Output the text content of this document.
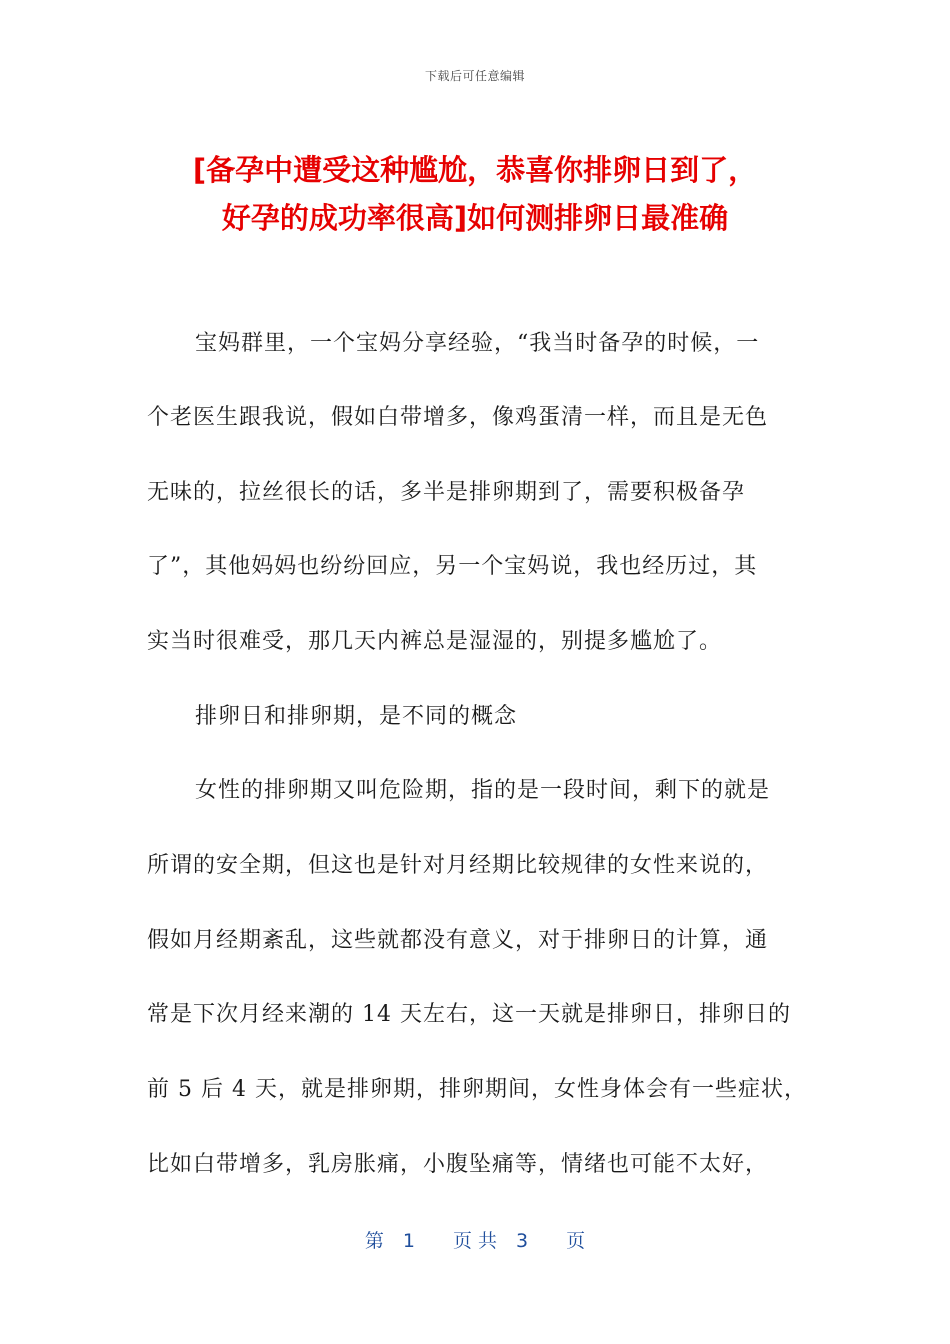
下载后可任意编辑
[备孕中遭受这种尴尬，恭喜你排卵日到了，
好孕的成功率很高]如何测排卵日最准确
宝妈群里，一个宝妈分享经验，“我当时备孕的时候，一
个老医生跟我说，假如白带增多，像鸡蛋清一样，而且是无色
无味的，拉丝很长的话，多半是排卵期到了，需要积极备孕
了”，其他妈妈也纷纷回应，另一个宝妈说，我也经历过，其
实当时很难受，那几天内裤总是湿湿的，别提多尴尬了。
排卵日和排卵期，是不同的概念
女性的排卵期又叫危险期，指的是一段时间，剩下的就是
所谓的安全期，但这也是针对月经期比较规律的女性来说的，
假如月经期紊乱，这些就都没有意义，对于排卵日的计算，通
常是下次月经来潮的 14 天左右，这一天就是排卵日，排卵日的
前 5 后 4 天，就是排卵期，排卵期间，女性身体会有一些症状，
比如白带增多，乳房胀痛，小腹坠痛等，情绪也可能不太好，
第　1　　页 共　3　　页
